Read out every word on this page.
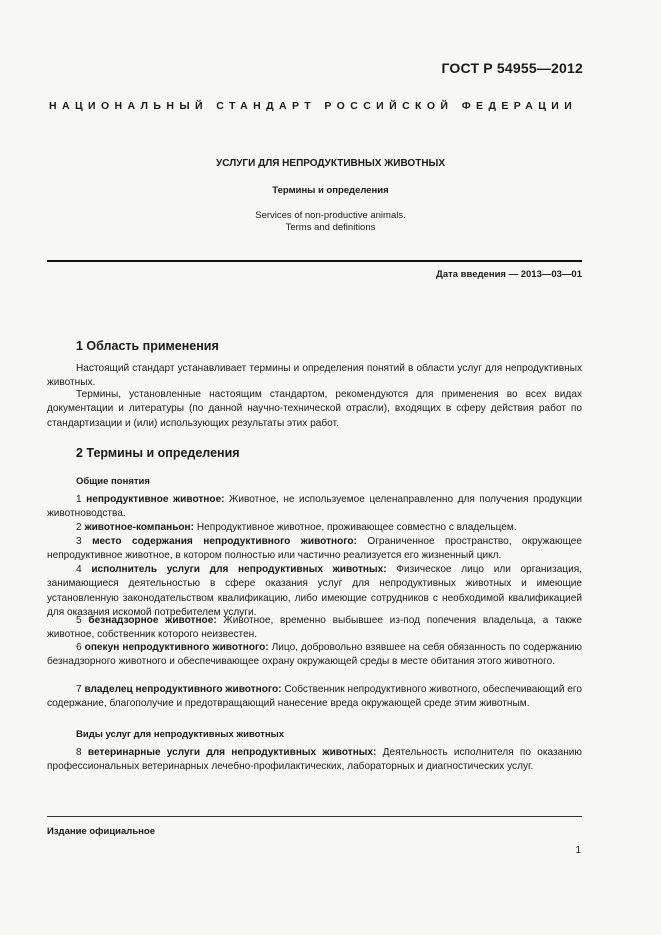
ГОСТ Р 54955—2012
НАЦИОНАЛЬНЫЙ СТАНДАРТ РОССИЙСКОЙ ФЕДЕРАЦИИ
УСЛУГИ ДЛЯ НЕПРОДУКТИВНЫХ ЖИВОТНЫХ
Термины и определения
Services of non-productive animals.
Terms and definitions
Дата введения — 2013—03—01
1 Область применения

Настоящий стандарт устанавливает термины и определения понятий в области услуг для непродуктивных животных.

Термины, установленные настоящим стандартом, рекомендуются для применения во всех видах документации и литературы (по данной научно-технической отрасли), входящих в сферу действия работ по стандартизации и (или) использующих результаты этих работ.

2 Термины и определения
Общие понятия

1 непродуктивное животное: Животное, не используемое целенаправленно для получения продукции животноводства.

2 животное-компаньон: Непродуктивное животное, проживающее совместно с владельцем.

3 место содержания непродуктивного животного: Ограниченное пространство, окружающее непродуктивное животное, в котором полностью или частично реализуется его жизненный цикл.

4 исполнитель услуги для непродуктивных животных: Физическое лицо или организация, занимающиеся деятельностью в сфере оказания услуг для непродуктивных животных и имеющие установленную законодательством квалификацию, либо имеющие сотрудников с необходимой квалификацией для оказания искомой потребителем услуги.

5 безнадзорное животное: Животное, временно выбывшее из-под попечения владельца, а также животное, собственник которого неизвестен.

6 опекун непродуктивного животного: Лицо, добровольно взявшее на себя обязанность по содержанию безнадзорного животного и обеспечивающее охрану окружающей среды в месте обитания этого животного.

7 владелец непродуктивного животного: Собственник непродуктивного животного, обеспечивающий его содержание, благополучие и предотвращающий нанесение вреда окружающей среде этим животным.

Виды услуг для непродуктивных животных

8 ветеринарные услуги для непродуктивных животных: Деятельность исполнителя по оказанию профессиональных ветеринарных лечебно-профилактических, лабораторных и диагностических услуг.

Издание официальное
1
